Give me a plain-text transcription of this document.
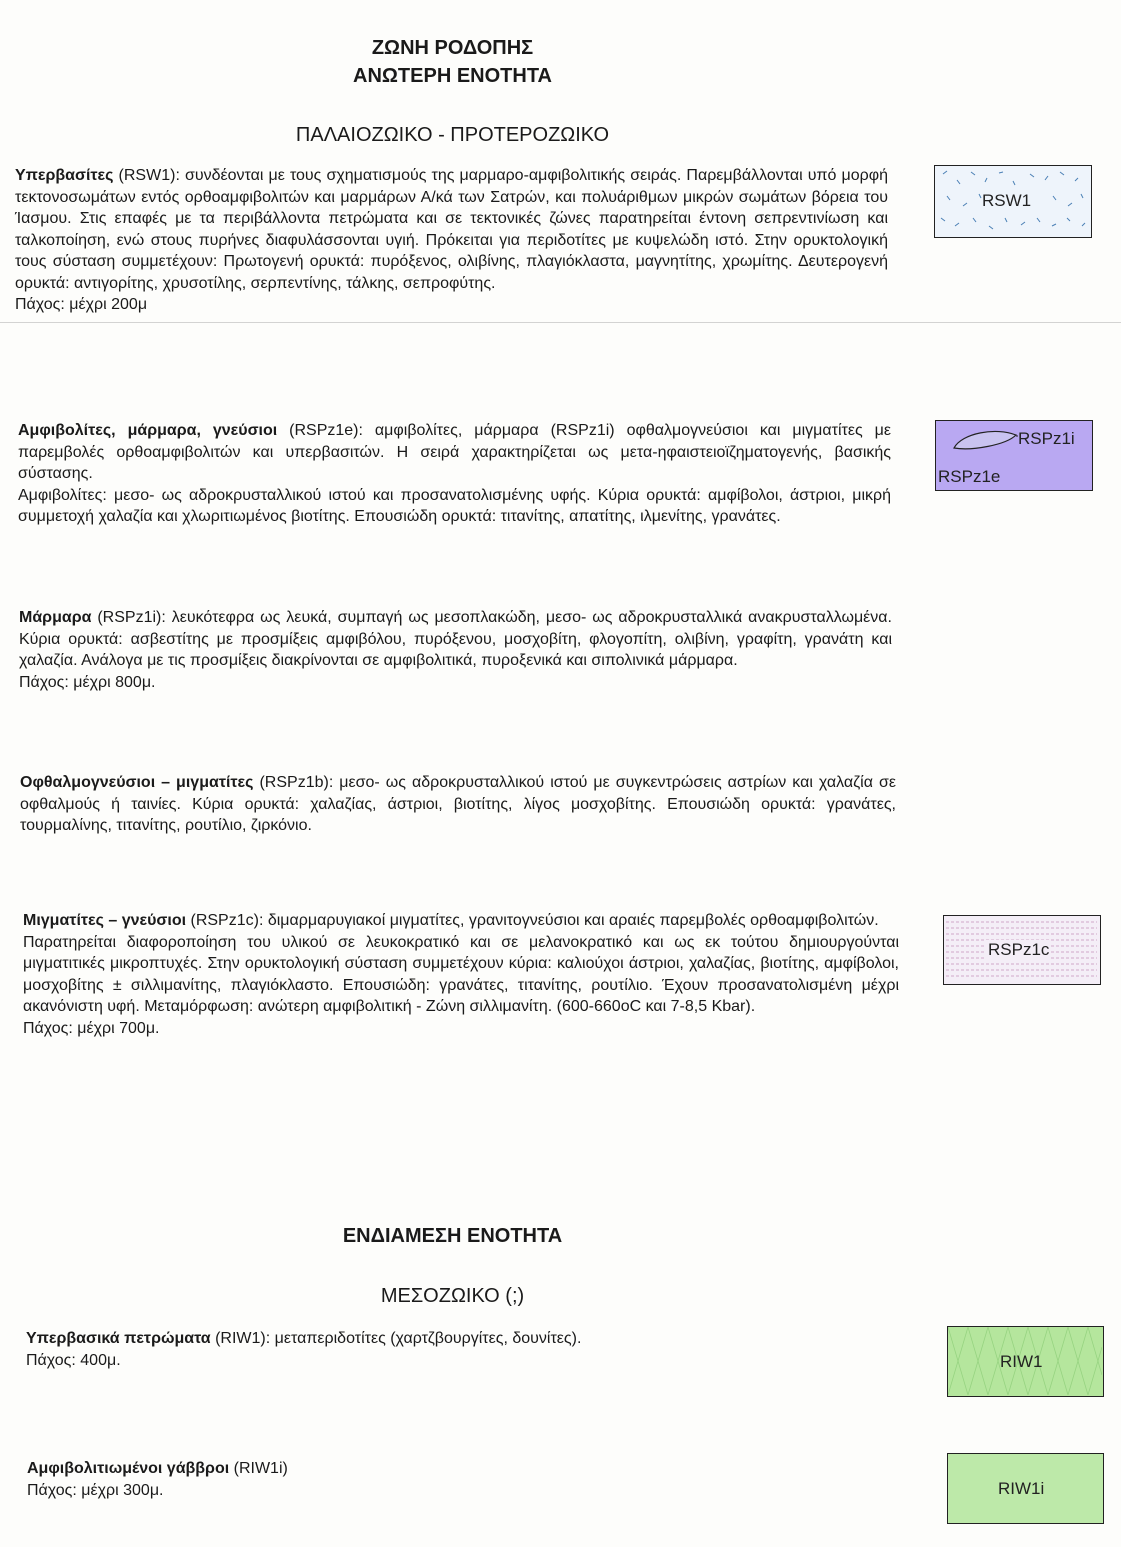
ΖΩΝΗ ΡΟΔΟΠΗΣ
ΑΝΩΤΕΡΗ ΕΝΟΤΗΤΑ
ΠΑΛΑΙΟΖΩΙΚΟ - ΠΡΟΤΕΡΟΖΩΙΚΟ

Υπερβασίτες (RSW1): συνδέονται με τους σχηματισμούς της μαρμαρο-αμφιβολιτικής σειράς. Παρεμβάλλονται υπό μορφή τεκτονοσωμάτων εντός ορθοαμφιβολιτών και μαρμάρων Α/κά των Σατρών, και πολυάριθμων μικρών σωμάτων βόρεια του Ίασμου. Στις επαφές με τα περιβάλλοντα πετρώματα και σε τεκτονικές ζώνες παρατηρείται έντονη σεπρεντινίωση και ταλκοποίηση, ενώ στους πυρήνες διαφυλάσσονται υγιή. Πρόκειται για περιδοτίτες με κυψελώδη ιστό. Στην ορυκτολογική τους σύσταση συμμετέχουν: Πρωτογενή ορυκτά: πυρόξενος, ολιβίνης, πλαγιόκλαστα, μαγνητίτης, χρωμίτης. Δευτερογενή ορυκτά: αντιγορίτης, χρυσοτίλης, σερπεντίνης, τάλκης, σεπροφύτης.

Πάχος: μέχρι 200μ

Αμφιβολίτες, μάρμαρα, γνεύσιοι (RSPz1e): αμφιβολίτες, μάρμαρα (RSPz1i) οφθαλμογνεύσιοι και μιγματίτες με παρεμβολές ορθοαμφιβολιτών και υπερβασιτών. Η σειρά χαρακτηρίζεται ως μετα-ηφαιστειοϊζηματογενής, βασικής σύστασης.

Αμφιβολίτες: μεσο- ως αδροκρυσταλλικού ιστού και προσανατολισμένης υφής. Κύρια ορυκτά: αμφίβολοι, άστριοι, μικρή συμμετοχή χαλαζία και χλωριτιωμένος βιοτίτης. Επουσιώδη ορυκτά: τιτανίτης, απατίτης, ιλμενίτης, γρανάτες.

Μάρμαρα (RSPz1i): λευκότεφρα ως λευκά, συμπαγή ως μεσοπλακώδη, μεσο- ως αδροκρυσταλλικά ανακρυσταλλωμένα. Κύρια ορυκτά: ασβεστίτης με προσμίξεις αμφιβόλου, πυρόξενου, μοσχοβίτη, φλογοπίτη, ολιβίνη, γραφίτη, γρανάτη και χαλαζία. Ανάλογα με τις προσμίξεις διακρίνονται σε αμφιβολιτικά, πυροξενικά και σιπολινικά μάρμαρα.

Πάχος: μέχρι 800μ.

Οφθαλμογνεύσιοι – μιγματίτες (RSPz1b): μεσο- ως αδροκρυσταλλικού ιστού με συγκεντρώσεις αστρίων και χαλαζία σε οφθαλμούς ή ταινίες. Κύρια ορυκτά: χαλαζίας, άστριοι, βιοτίτης, λίγος μοσχοβίτης. Επουσιώδη ορυκτά: γρανάτες, τουρμαλίνης, τιτανίτης, ρουτίλιο, ζιρκόνιο.

Μιγματίτες – γνεύσιοι (RSPz1c): διμαρμαρυγιακοί μιγματίτες, γρανιτογνεύσιοι και αραιές παρεμβολές ορθοαμφιβολιτών.

Παρατηρείται διαφοροποίηση του υλικού σε λευκοκρατικό και σε μελανοκρατικό και ως εκ τούτου δημιουργούνται μιγματιτικές μικροπτυχές. Στην ορυκτολογική σύσταση συμμετέχουν κύρια: καλιούχοι άστριοι, χαλαζίας, βιοτίτης, αμφίβολοι, μοσχοβίτης ± σιλλιμανίτης, πλαγιόκλαστο. Επουσιώδη: γρανάτες, τιτανίτης, ρουτίλιο. Έχουν προσανατολισμένη μέχρι ακανόνιστη υφή. Μεταμόρφωση: ανώτερη αμφιβολιτική - Ζώνη σιλλιμανίτη. (600-660oC και 7-8,5 Kbar).

Πάχος: μέχρι 700μ.

ΕΝΔΙΑΜΕΣΗ ΕΝΟΤΗΤΑ
ΜΕΣΟΖΩΙΚΟ (;)

Υπερβασικά πετρώματα (RIW1): μεταπεριδοτίτες (χαρτζβουργίτες, δουνίτες).

Πάχος: 400μ.

Αμφιβολιτιωμένοι γάββροι (RIW1i)

Πάχος: μέχρι 300μ.

RSW1
RSPz1i
RSPz1e
RSPz1c
RIW1
RIW1i
